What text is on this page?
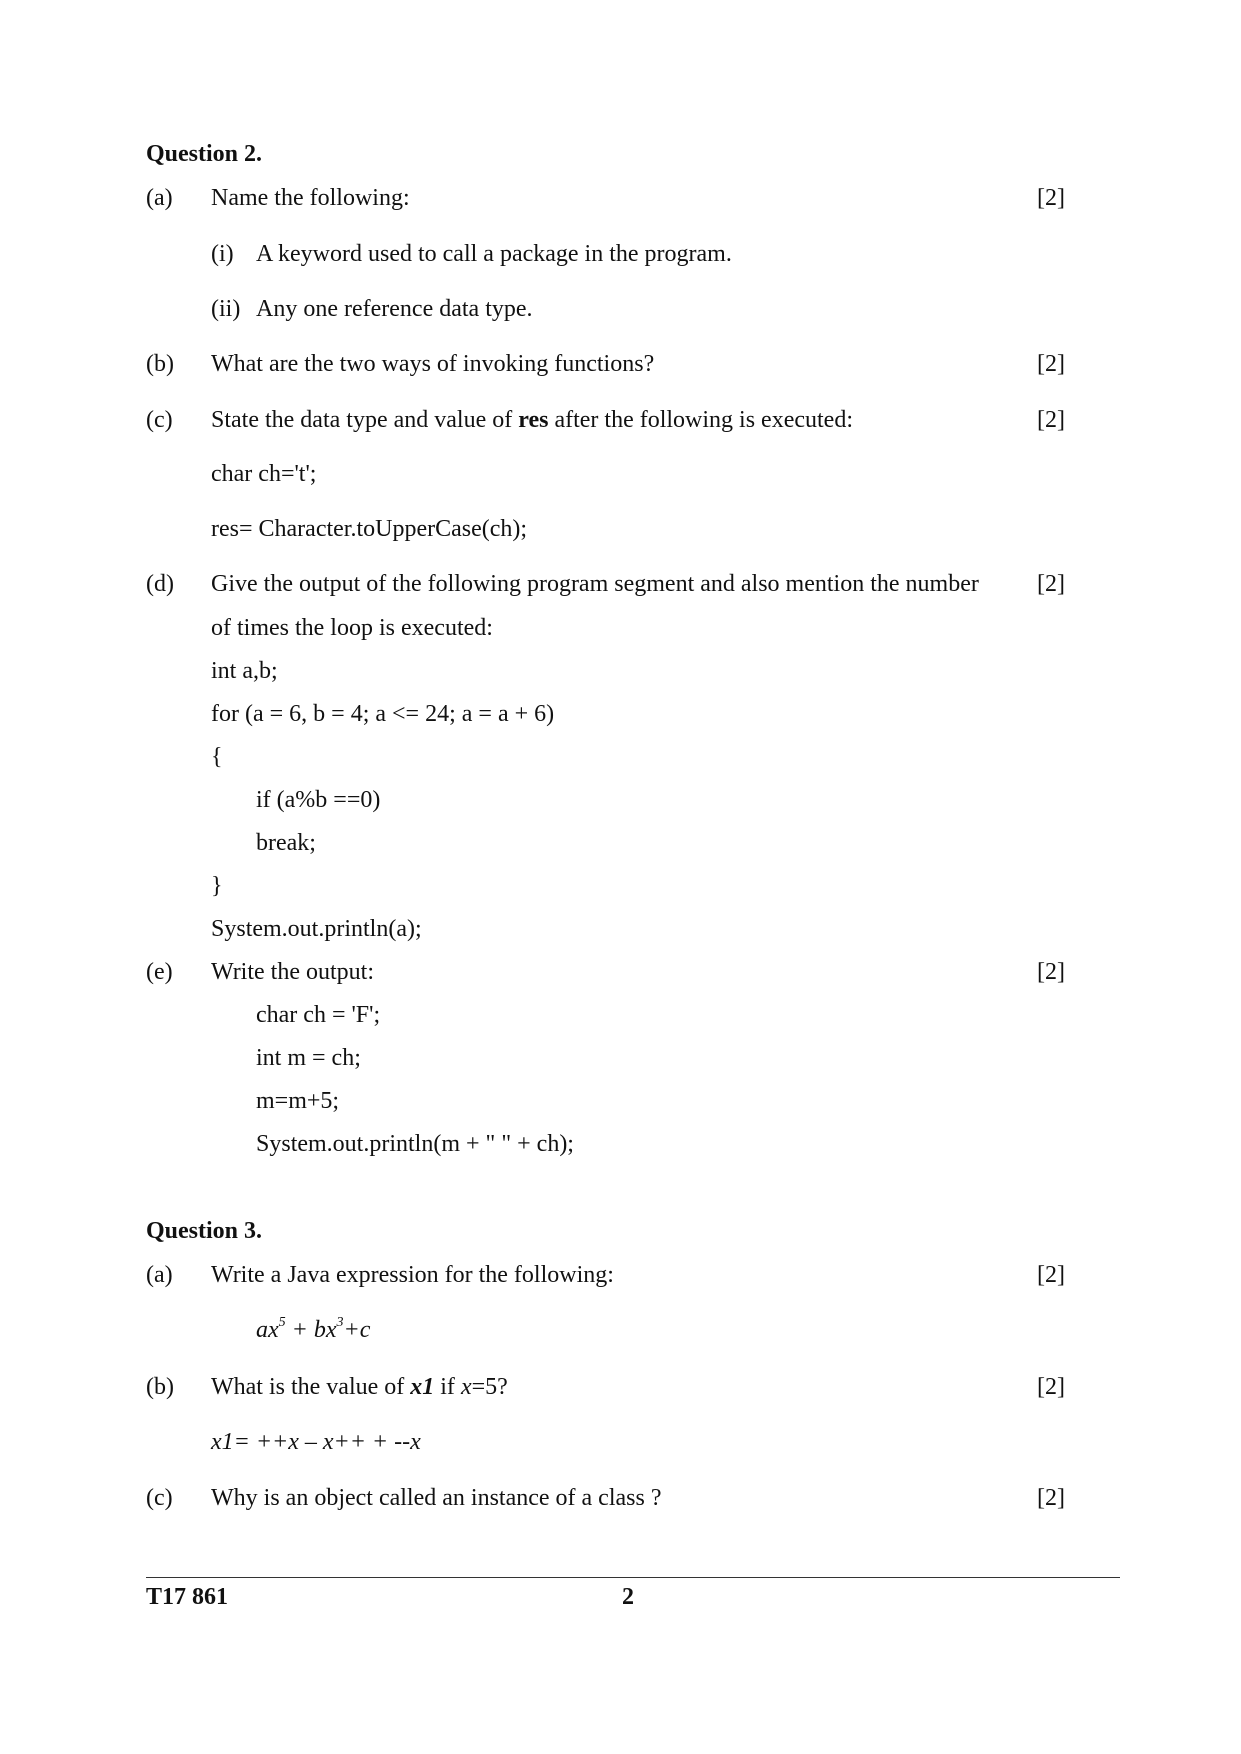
Question 2.
(a) Name the following:	[2]
(i) A keyword used to call a package in the program.
(ii) Any one reference data type.
(b) What are the two ways of invoking functions?	[2]
(c) State the data type and value of res after the following is executed:	[2]
char ch='t';
res= Character.toUpperCase(ch);
(d) Give the output of the following program segment and also mention the number [2]
of times the loop is executed:
int a,b;
for (a = 6, b = 4; a <= 24; a = a + 6)
{
if (a%b ==0)
break;
}
System.out.println(a);
(e) Write the output:	[2]
char ch = 'F';
int m = ch;
m=m+5;
System.out.println(m + " " + ch);
Question 3.
(a) Write a Java expression for the following:	[2]
$ax^5 + bx^3+c$
(b) What is the value of x1 if x=5?	[2]
x1= ++x – x++ + --x
(c) Why is an object called an instance of a class ?	[2]
T17 861	2
